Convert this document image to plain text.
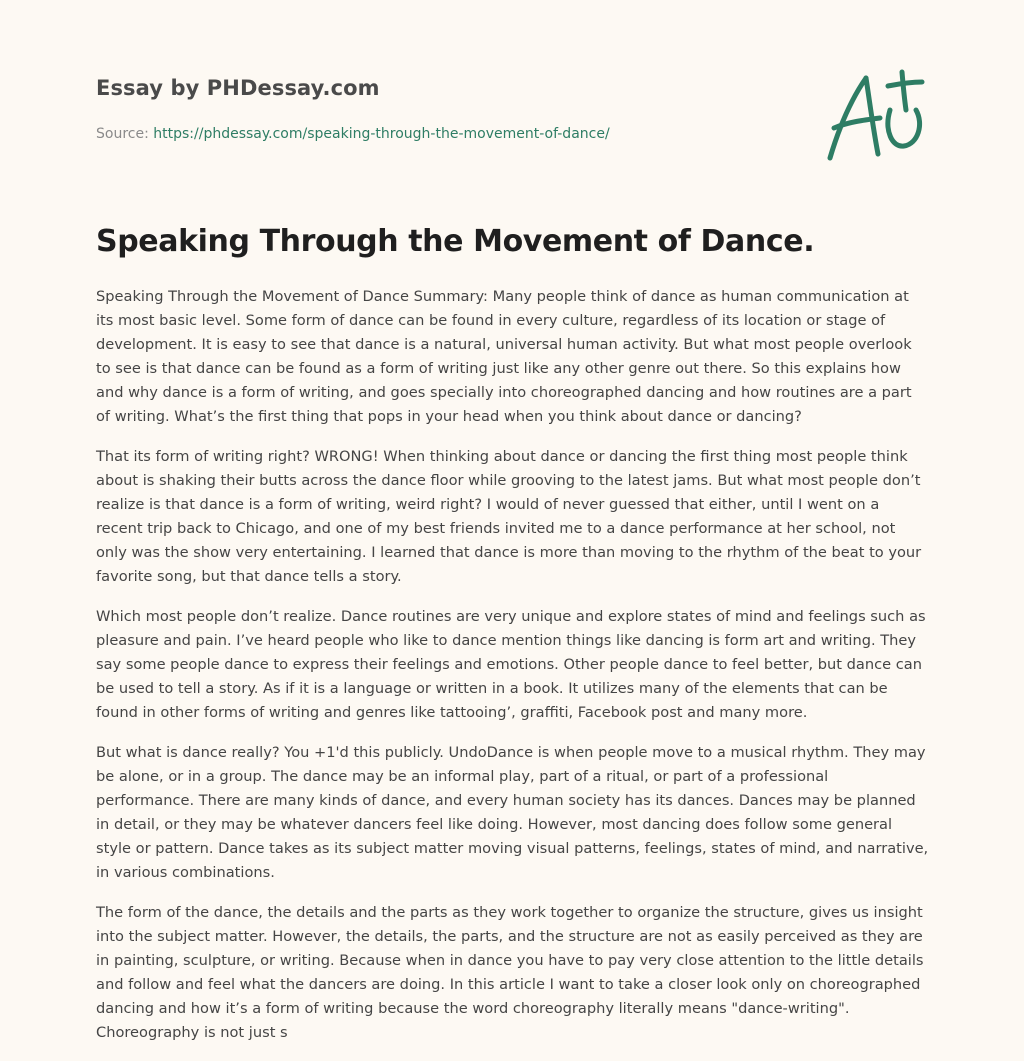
Essay by PHDessay.com
Source: https://phdessay.com/speaking-through-the-movement-of-dance/
Speaking Through the Movement of Dance.

Speaking Through the Movement of Dance Summary: Many people think of dance as human communication at its most basic level. Some form of dance can be found in every culture, regardless of its location or stage of development. It is easy to see that dance is a natural, universal human activity. But what most people overlook to see is that dance can be found as a form of writing just like any other genre out there. So this explains how and why dance is a form of writing, and goes specially into choreographed dancing and how routines are a part of writing. What’s the first thing that pops in your head when you think about dance or dancing?

That its form of writing right? WRONG! When thinking about dance or dancing the first thing most people think about is shaking their butts across the dance floor while grooving to the latest jams. But what most people don’t realize is that dance is a form of writing, weird right? I would of never guessed that either, until I went on a recent trip back to Chicago, and one of my best friends invited me to a dance performance at her school, not only was the show very entertaining. I learned that dance is more than moving to the rhythm of the beat to your favorite song, but that dance tells a story.

Which most people don’t realize. Dance routines are very unique and explore states of mind and feelings such as pleasure and pain. I’ve heard people who like to dance mention things like dancing is form art and writing. They say some people dance to express their feelings and emotions. Other people dance to feel better, but dance can be used to tell a story. As if it is a language or written in a book. It utilizes many of the elements that can be found in other forms of writing and genres like tattooing’, graffiti, Facebook post and many more.

But what is dance really? You +1'd this publicly. UndoDance is when people move to a musical rhythm. They may be alone, or in a group. The dance may be an informal play, part of a ritual, or part of a professional performance. There are many kinds of dance, and every human society has its dances. Dances may be planned in detail, or they may be whatever dancers feel like doing. However, most dancing does follow some general style or pattern. Dance takes as its subject matter moving visual patterns, feelings, states of mind, and narrative, in various combinations.

The form of the dance, the details and the parts as they work together to organize the structure, gives us insight into the subject matter. However, the details, the parts, and the structure are not as easily perceived as they are in painting, sculpture, or writing. Because when in dance you have to pay very close attention to the little details and follow and feel what the dancers are doing. In this article I want to take a closer look only on choreographed dancing and how it’s a form of writing because the word choreography literally means "dance-writing". Choreography is not just s
